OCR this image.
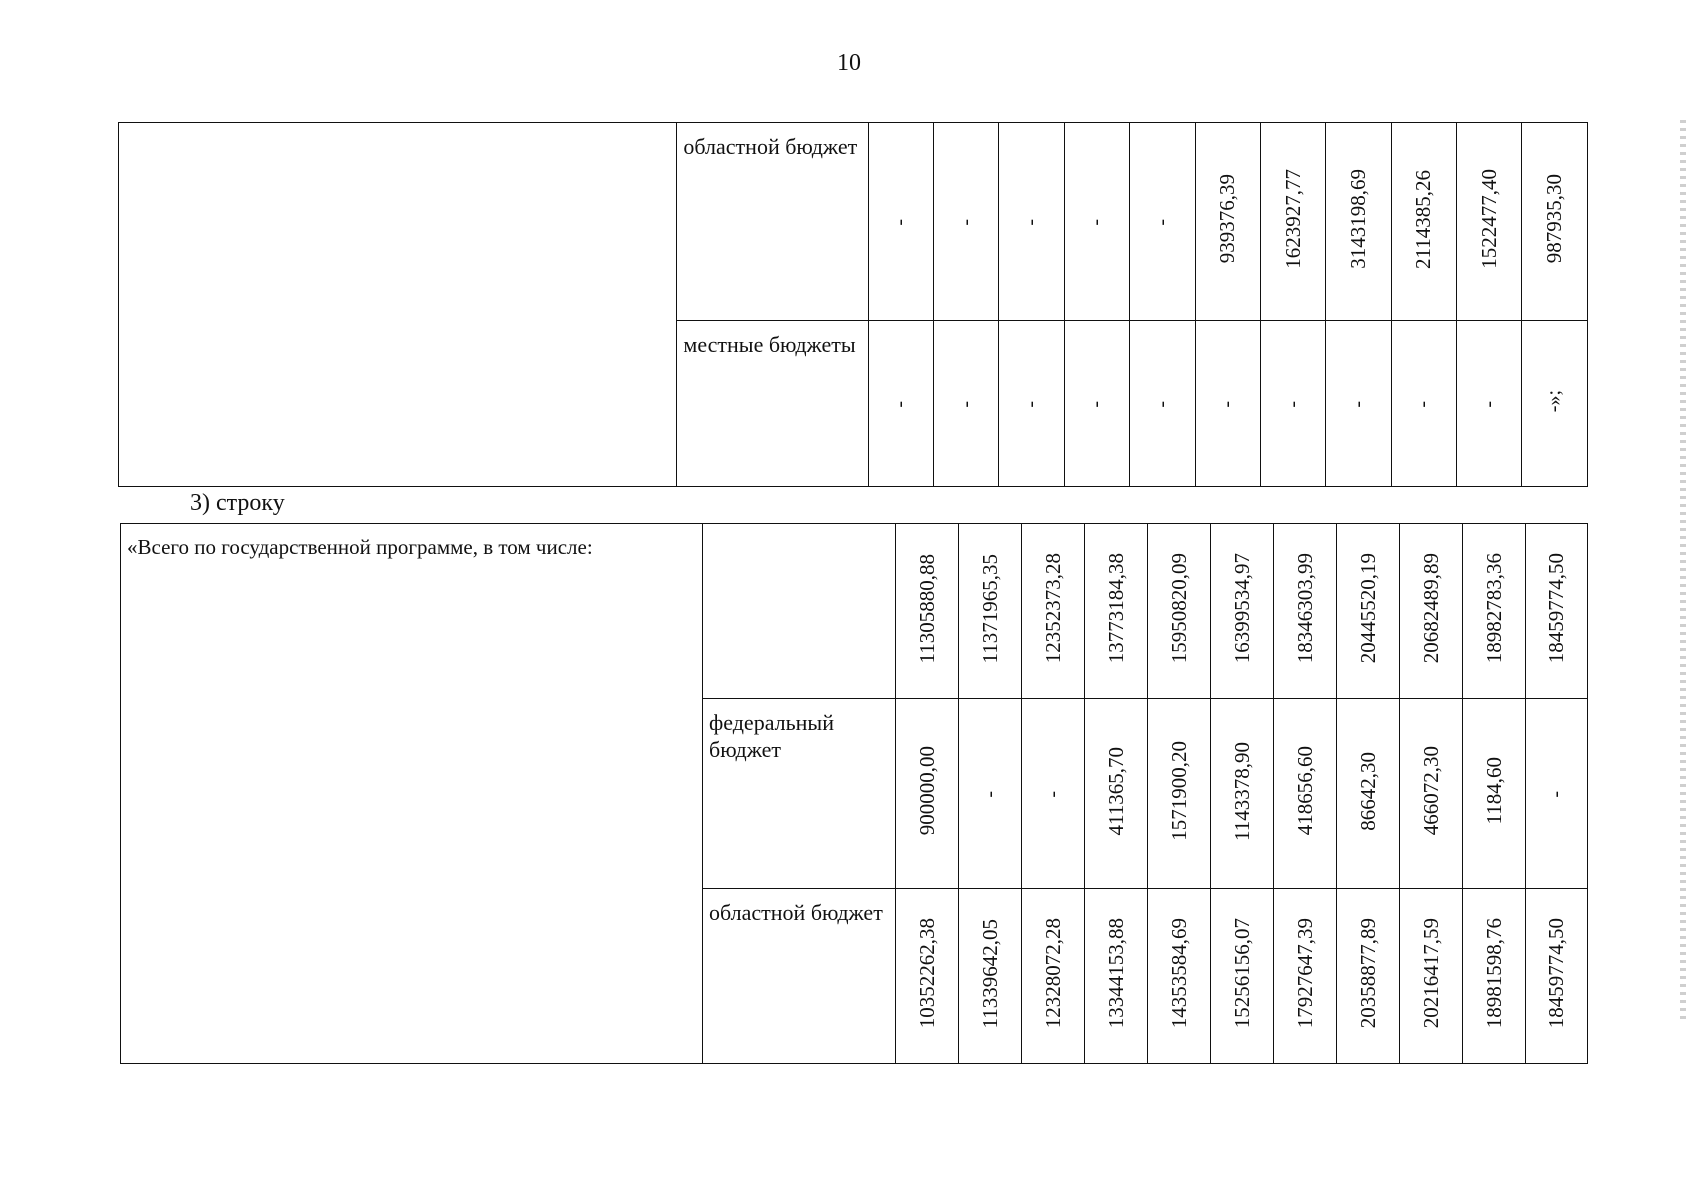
10
	областной бюджет	-	-	-	-	-	939376,39	1623927,77	3143198,69	2114385,26	1522477,40	987935,30
	местные бюджеты	-	-	-	-	-	-	-	-	-	-	-»;
3) строку
«Всего по государственной программе, в том числе:		11305880,88	11371965,35	12352373,28	13773184,38	15950820,09	16399534,97	18346303,99	20445520,19	20682489,89	18982783,36	18459774,50
	федеральный бюджет	900000,00	-	-	411365,70	1571900,20	1143378,90	418656,60	86642,30	466072,30	1184,60	-
	областной бюджет	10352262,38	11339642,05	12328072,28	13344153,88	14353584,69	15256156,07	17927647,39	20358877,89	20216417,59	18981598,76	18459774,50
